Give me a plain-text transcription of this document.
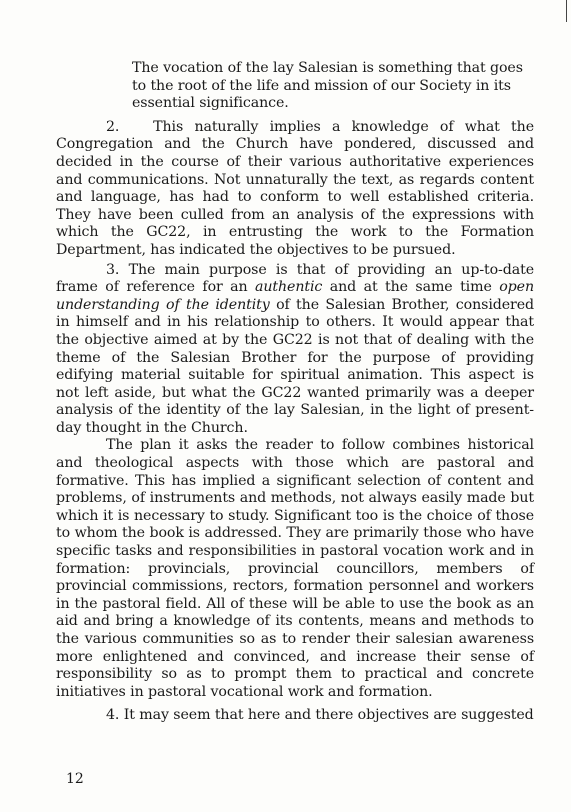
The vocation of the lay Salesian is something that goes to the root of the life and mission of our Society in its essential significance.

2.   This naturally implies a knowledge of what the Congregation and the Church have pondered, discussed and decided in the course of their various authoritative experiences and communications. Not unnaturally the text, as regards content and language, has had to conform to well established criteria. They have been culled from an analysis of the expressions with which the GC22, in entrusting the work to the Formation Department, has indicated the objectives to be pursued.

3. The main purpose is that of providing an up-to-date frame of reference for an authentic and at the same time open understanding of the identity of the Salesian Brother, considered in himself and in his relationship to others. It would appear that the objective aimed at by the GC22 is not that of dealing with the theme of the Salesian Brother for the purpose of providing edifying material suitable for spiritual animation. This aspect is not left aside, but what the GC22 wanted primarily was a deeper analysis of the identity of the lay Salesian, in the light of present-day thought in the Church.

The plan it asks the reader to follow combines historical and theological aspects with those which are pastoral and formative. This has implied a significant selection of content and problems, of instruments and methods, not always easily made but which it is necessary to study. Significant too is the choice of those to whom the book is addressed. They are primarily those who have specific tasks and responsibilities in pastoral vocation work and in formation: provincials, provincial councillors, members of provincial commissions, rectors, formation personnel and workers in the pastoral field. All of these will be able to use the book as an aid and bring a knowledge of its contents, means and methods to the various communities so as to render their salesian awareness more enlightened and convinced, and increase their sense of responsibility so as to prompt them to practical and concrete initiatives in pastoral vocational work and formation.

4. It may seem that here and there objectives are suggested

12
